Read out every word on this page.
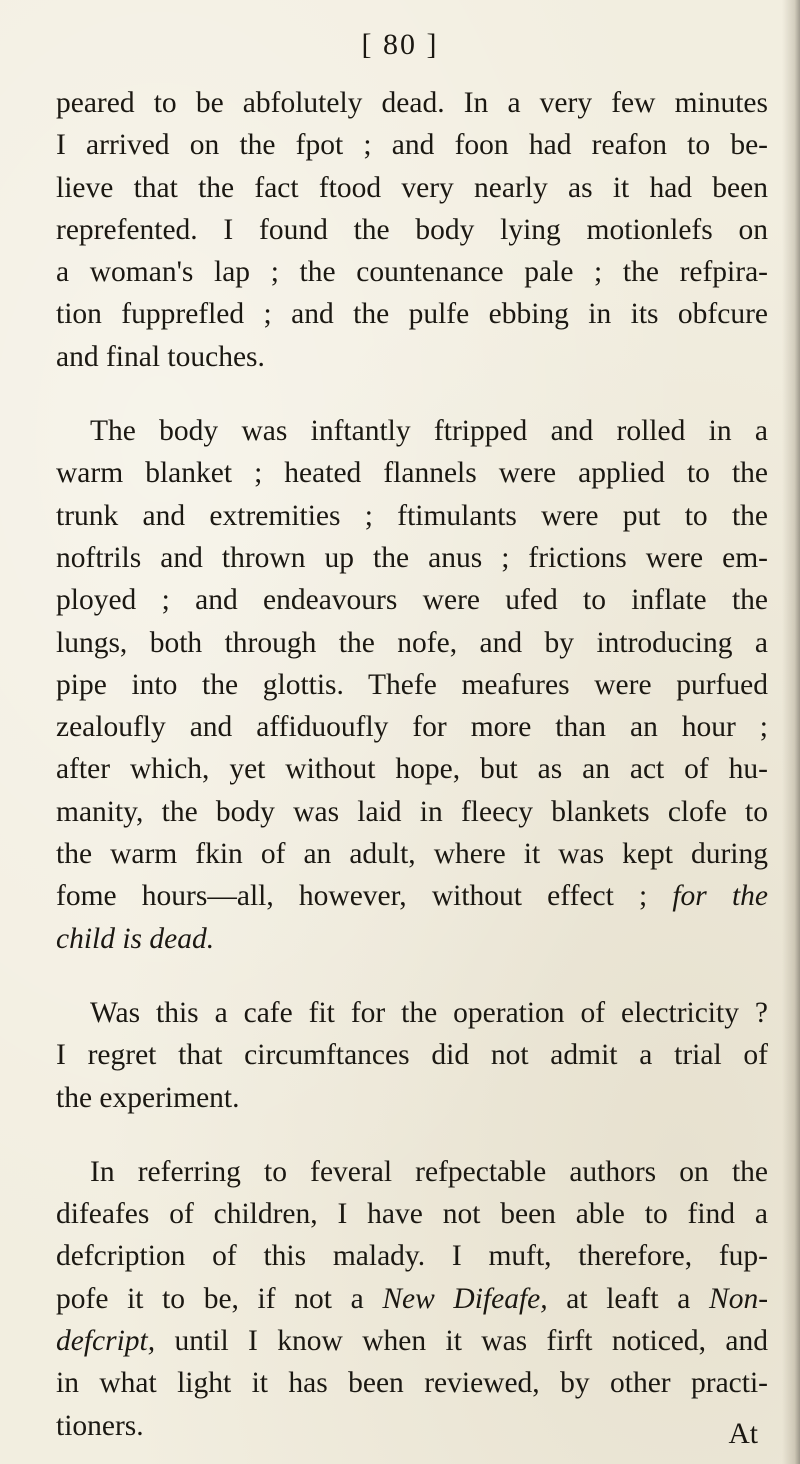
[ 80 ]
peared to be abfolutely dead. In a very few minutes
I arrived on the fpot ; and foon had reafon to be-
lieve that the fact ftood very nearly as it had been
reprefented. I found the body lying motionlefs on
a woman's lap ; the countenance pale ; the refpira-
tion fupprefled ; and the pulfe ebbing in its obfcure
and final touches.
The body was inftantly ftripped and rolled in a
warm blanket ; heated flannels were applied to the
trunk and extremities ; ftimulants were put to the
noftrils and thrown up the anus ; frictions were em-
ployed ; and endeavours were ufed to inflate the
lungs, both through the nofe, and by introducing a
pipe into the glottis. Thefe meafures were purfued
zealoufly and affiduoufly for more than an hour ;
after which, yet without hope, but as an act of hu-
manity, the body was laid in fleecy blankets clofe to
the warm fkin of an adult, where it was kept during
fome hours—all, however, without effect ; for the
child is dead.
Was this a cafe fit for the operation of electricity ?
I regret that circumftances did not admit a trial of
the experiment.
In referring to feveral refpectable authors on the
difeafes of children, I have not been able to find a
defcription of this malady. I muft, therefore, fup-
pofe it to be, if not a New Difeafe, at leaft a Non-
defcript, until I know when it was firft noticed, and
in what light it has been reviewed, by other practi-
tioners.	At
